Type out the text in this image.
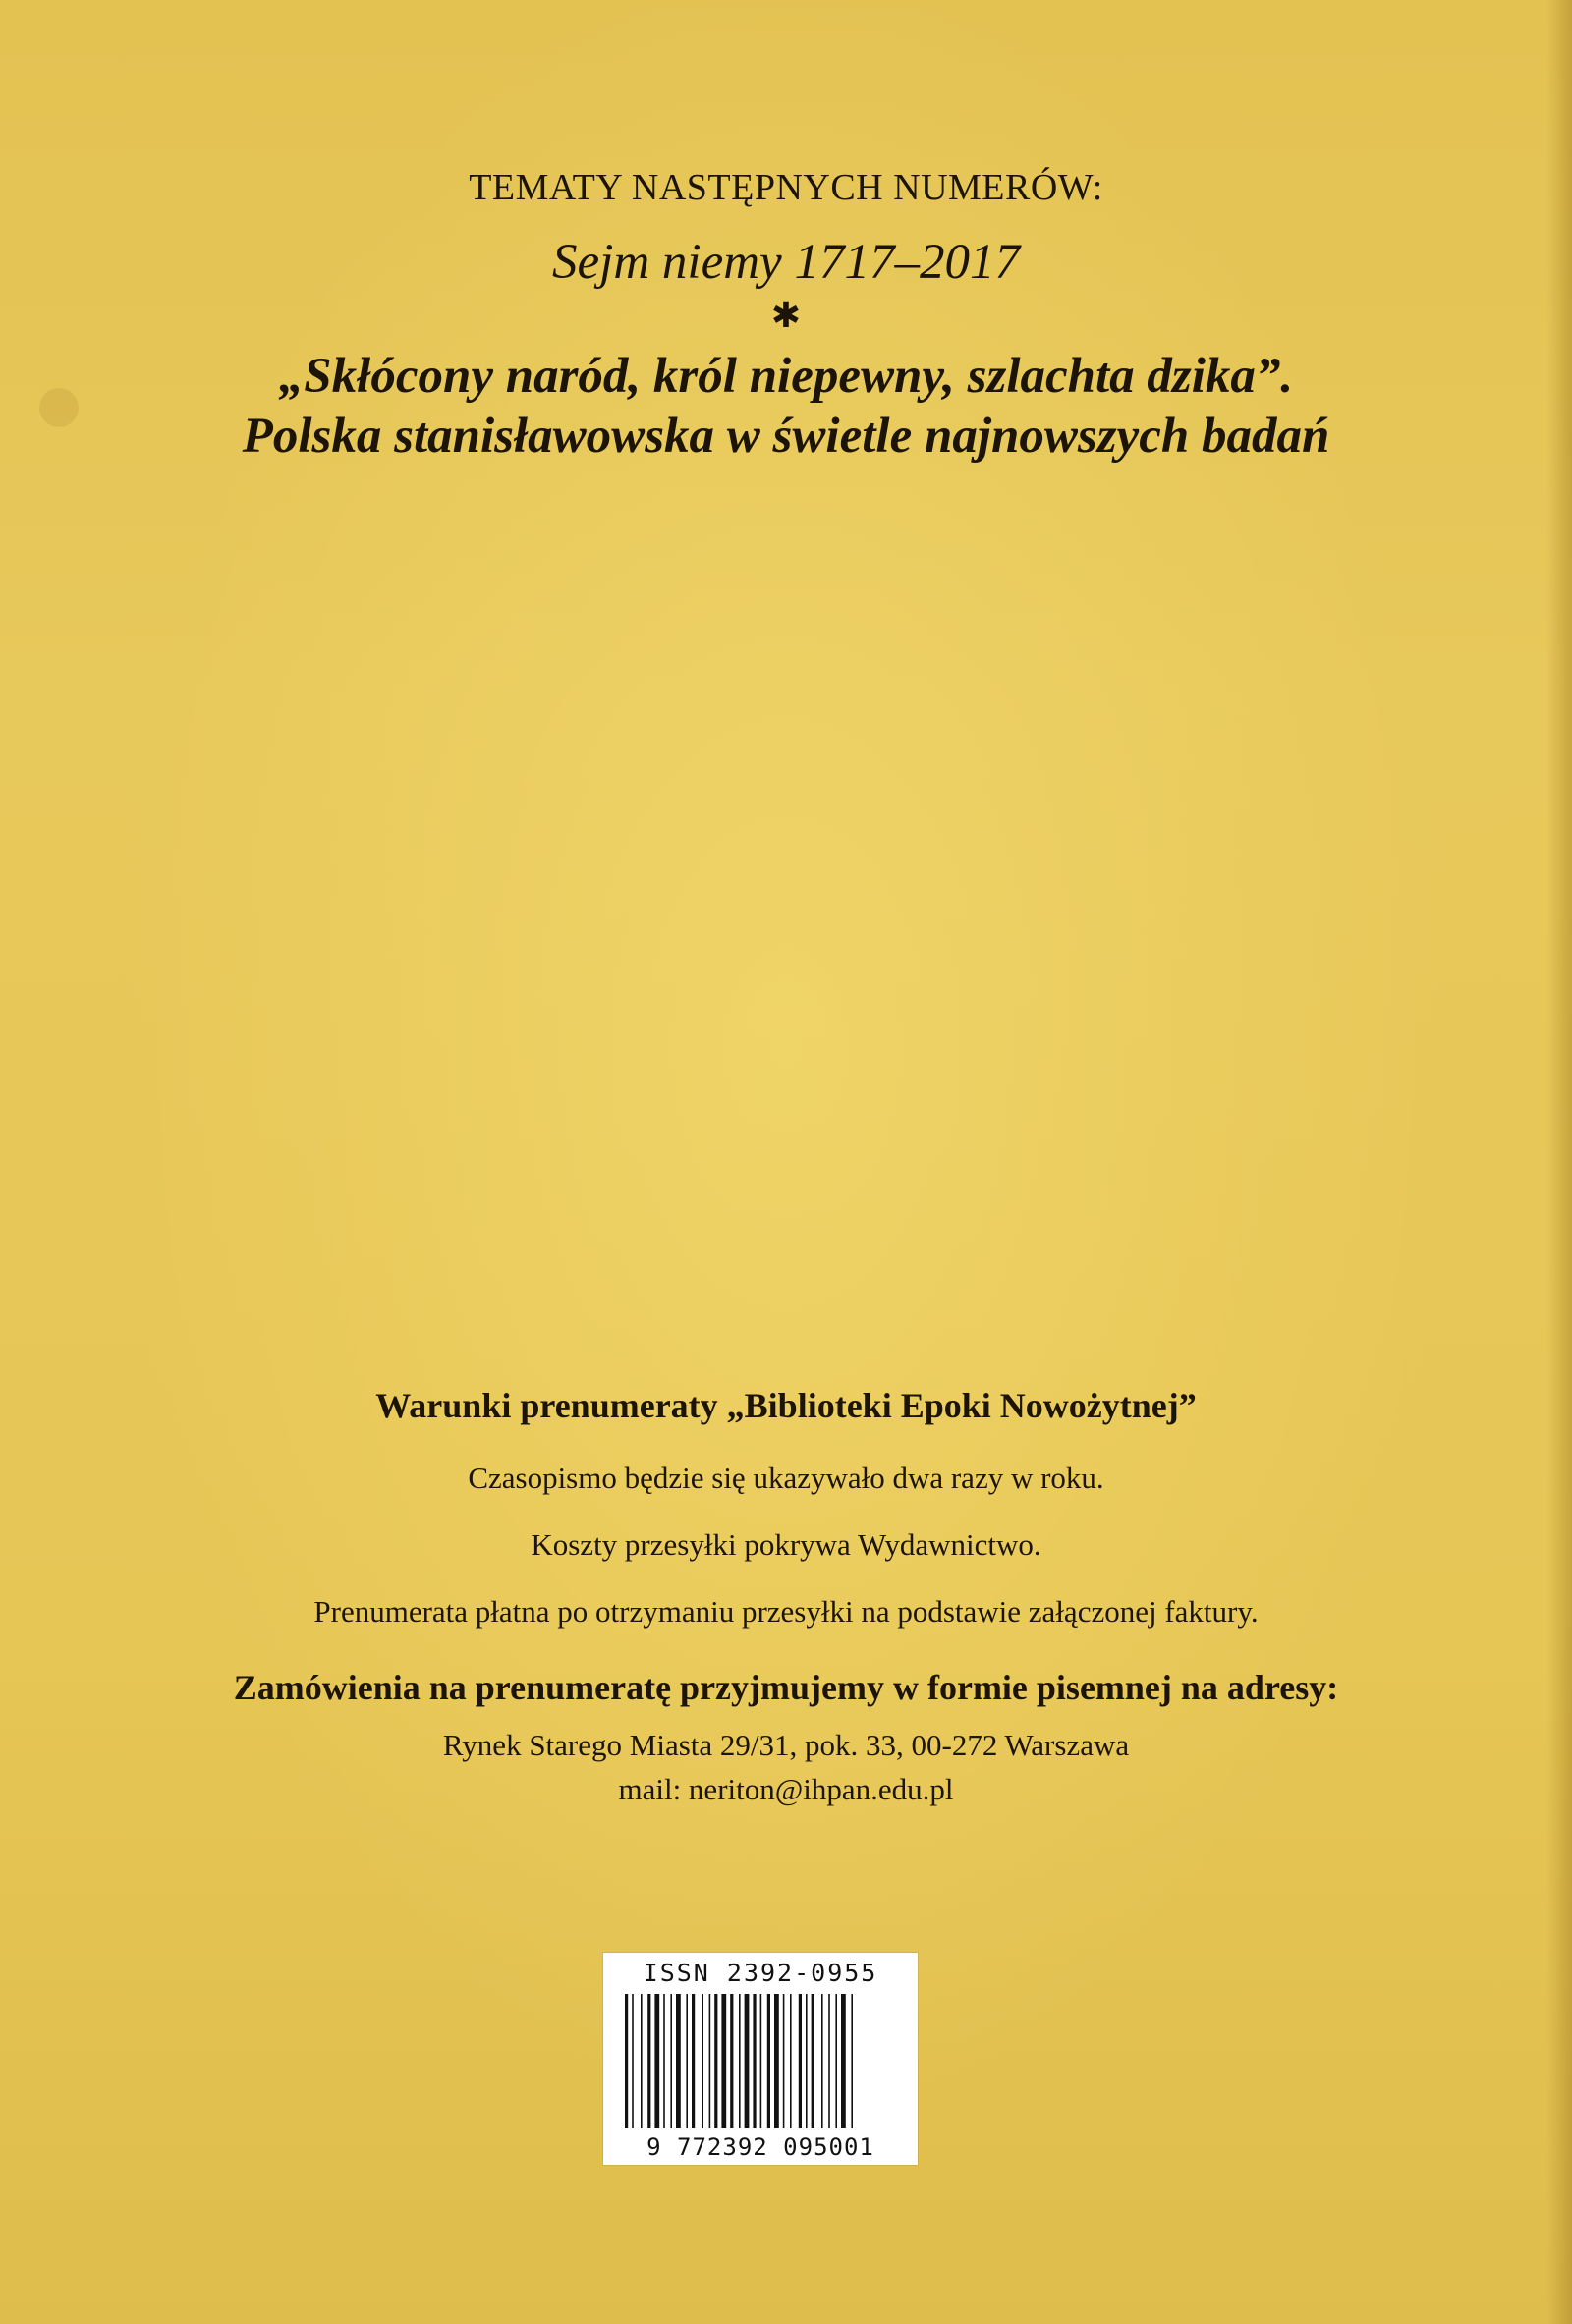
TEMATY NASTĘPNYCH NUMERÓW:
Sejm niemy 1717–2017
✱
„Skłócony naród, król niepewny, szlachta dzika”.
Polska stanisławowska w świetle najnowszych badań
Warunki prenumeraty „Biblioteki Epoki Nowożytnej”
Czasopismo będzie się ukazywało dwa razy w roku.
Koszty przesyłki pokrywa Wydawnictwo.
Prenumerata płatna po otrzymaniu przesyłki na podstawie załączonej faktury.
Zamówienia na prenumeratę przyjmujemy w formie pisemnej na adresy:
Rynek Starego Miasta 29/31, pok. 33, 00-272 Warszawa
mail: neriton@ihpan.edu.pl
ISSN 2392-0955
9 772392 095001
